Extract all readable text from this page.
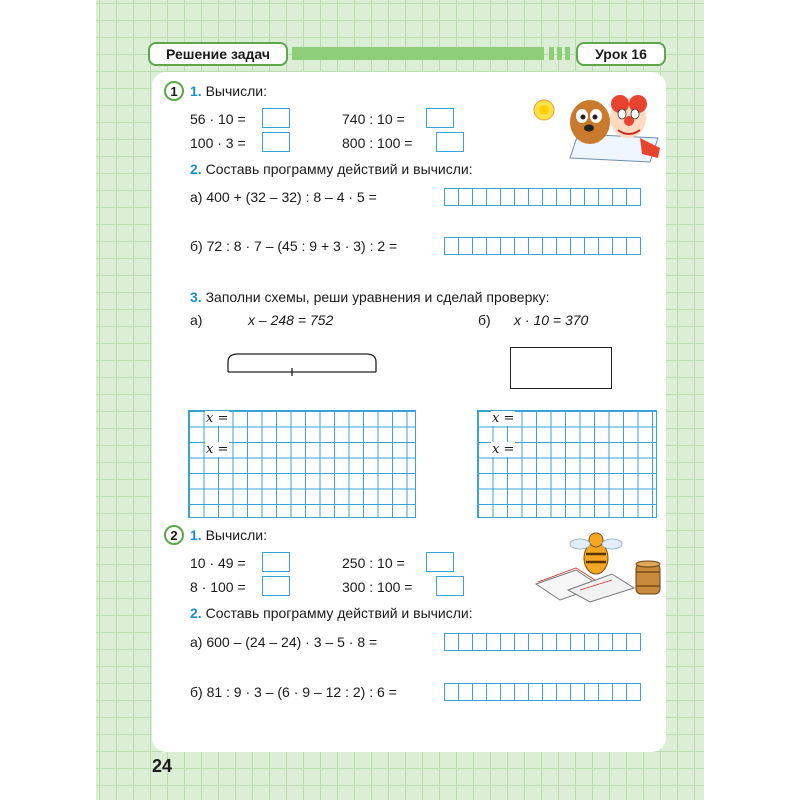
Решение задач	Урок 16
1 1. Вычисли:
56 · 10 =	740 : 10 =
100 · 3 =	800 : 100 =
2. Составь программу действий и вычисли:
а) 400 + (32 – 32) : 8 – 4 · 5 =
б) 72 : 8 · 7 – (45 : 9 + 3 · 3) : 2 =
3. Заполни схемы, реши уравнения и сделай проверку:
а)	x – 248 = 752	б) x · 10 = 370
x =
x =
x =
x =
2 1. Вычисли:
10 · 49 =	250 : 10 =
8 · 100 =	300 : 100 =
2. Составь программу действий и вычисли:
а) 600 – (24 – 24) · 3 – 5 · 8 =
б) 81 : 9 · 3 – (6 · 9 – 12 : 2) : 6 =
24
